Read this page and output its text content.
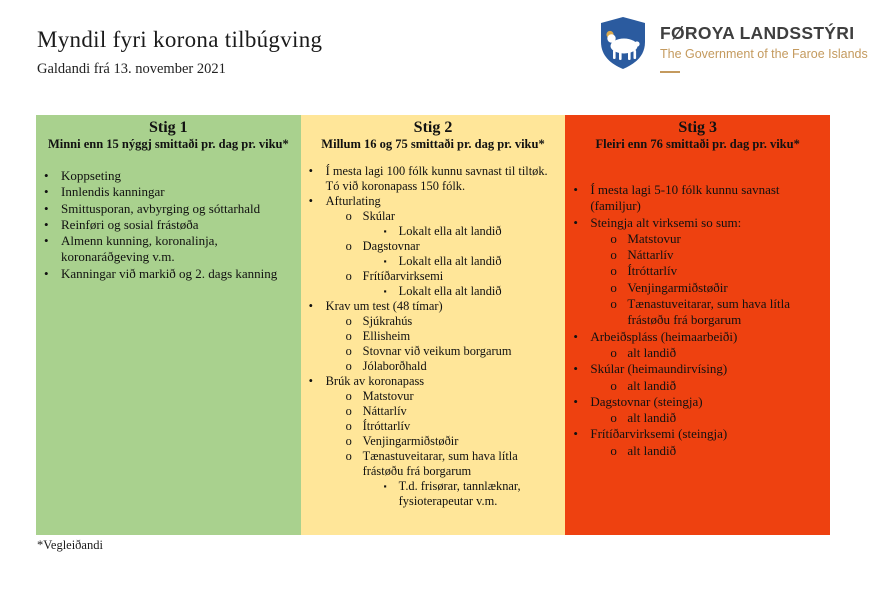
Myndil fyri korona tilbúgving
Galdandi frá 13. november 2021
FØROYA LANDSSTÝRI
The Government of the Faroe Islands
Stig 1
Minni enn 15 nýggj smittaði pr. dag pr. viku*
• Koppseting
• Innlendis kanningar
• Smittusporan, avbyrging og sóttarhald
• Reinføri og sosial frástøða
• Almenn kunning, koronalinja, koronaráðgeving v.m.
• Kanningar við markið og 2. dags kanning
Stig 2
Millum 16 og 75 smittaði pr. dag pr. viku*
•	Í mesta lagi 100 fólk kunnu savnast til tiltøk. Tó við koronapass 150 fólk.
•	Afturlating
o Skúlar
▪ Lokalt ella alt landið
o Dagstovnar
▪ Lokalt ella alt landið
o Frítíðarvirksemi
▪ Lokalt ella alt landið
•	Krav um test (48 tímar)
o Sjúkrahús
o Ellisheim
o Stovnar við veikum borgarum
o Jólaborðhald
•	Brúk av koronapass
o Matstovur
o Náttarlív
o Ítróttarlív
o Venjingarmiðstøðir
o Tænastuveitarar, sum hava lítla frástøðu frá borgarum
▪ T.d. frisørar, tannlæknar, fysioterapeutar v.m.
Stig 3
Fleiri enn 76 smittaði pr. dag pr. viku*
• Í mesta lagi 5-10 fólk kunnu savnast (familjur)
• Steingja alt virksemi so sum:
o Matstovur
o Náttarlív
o Ítróttarlív
o Venjingarmiðstøðir
o Tænastuveitarar, sum hava lítla frástøðu frá borgarum
• Arbeiðspláss (heimaarbeiði)
o alt landið
• Skúlar (heimaundirvísing)
o alt landið
• Dagstovnar (steingja)
o alt landið
• Frítíðarvirksemi (steingja)
o alt landið
*Vegleiðandi
